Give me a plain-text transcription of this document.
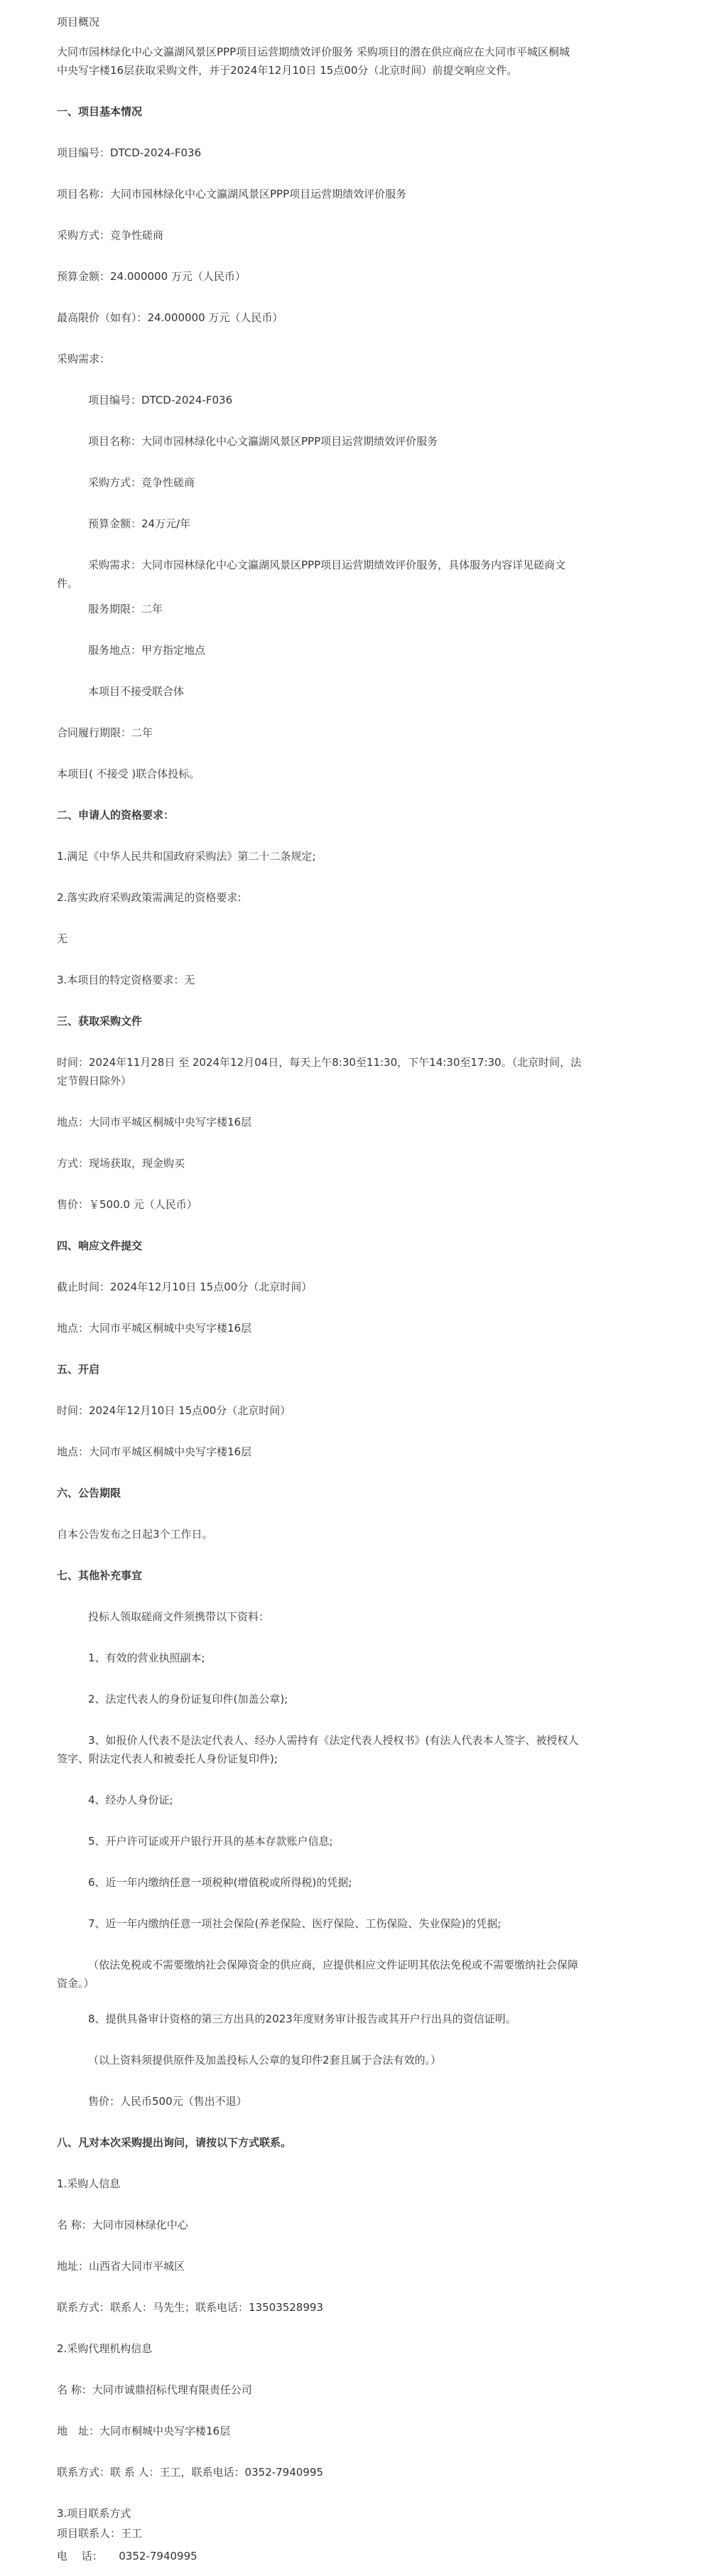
项目概况
大同市园林绿化中心文瀛湖风景区PPP项目运营期绩效评价服务 采购项目的潜在供应商应在大同市平城区桐城
中央写字楼16层获取采购文件，并于2024年12月10日 15点00分（北京时间）前提交响应文件。
一、项目基本情况
项目编号：DTCD-2024-F036
项目名称：大同市园林绿化中心文瀛湖风景区PPP项目运营期绩效评价服务
采购方式：竞争性磋商
预算金额：24.000000 万元（人民币）
最高限价（如有）：24.000000 万元（人民币）
采购需求：
项目编号：DTCD-2024-F036
项目名称：大同市园林绿化中心文瀛湖风景区PPP项目运营期绩效评价服务
采购方式：竞争性磋商
预算金额：24万元/年
采购需求：大同市园林绿化中心文瀛湖风景区PPP项目运营期绩效评价服务，具体服务内容详见磋商文
件。
服务期限：二年
服务地点：甲方指定地点
本项目不接受联合体
合同履行期限：二年
本项目( 不接受 )联合体投标。
二、申请人的资格要求：
1.满足《中华人民共和国政府采购法》第二十二条规定;
2.落实政府采购政策需满足的资格要求:
无
3.本项目的特定资格要求：无
三、获取采购文件
时间：2024年11月28日 至 2024年12月04日，每天上午8:30至11:30，下午14:30至17:30。（北京时间，法
定节假日除外）
地点：大同市平城区桐城中央写字楼16层
方式：现场获取，现金购买
售价：￥500.0 元（人民币）
四、响应文件提交
截止时间：2024年12月10日 15点00分（北京时间）
地点：大同市平城区桐城中央写字楼16层
五、开启
时间：2024年12月10日 15点00分（北京时间）
地点：大同市平城区桐城中央写字楼16层
六、公告期限
自本公告发布之日起3个工作日。
七、其他补充事宜
投标人领取磋商文件须携带以下资料：
1、有效的营业执照副本;
2、法定代表人的身份证复印件(加盖公章);
3、如报价人代表不是法定代表人、经办人需持有《法定代表人授权书》(有法人代表本人签字、被授权人
签字、附法定代表人和被委托人身份证复印件);
4、经办人身份证;
5、开户许可证或开户银行开具的基本存款账户信息;
6、近一年内缴纳任意一项税种(增值税或所得税)的凭据;
7、近一年内缴纳任意一项社会保险(养老保险、医疗保险、工伤保险、失业保险)的凭据;
（依法免税或不需要缴纳社会保障资金的供应商，应提供相应文件证明其依法免税或不需要缴纳社会保障
资金。）
8、提供具备审计资格的第三方出具的2023年度财务审计报告或其开户行出具的资信证明。
（以上资料须提供原件及加盖投标人公章的复印件2套且属于合法有效的。）
售价：人民币500元（售出不退）
八、凡对本次采购提出询问，请按以下方式联系。
1.采购人信息
名 称：大同市园林绿化中心
地址：山西省大同市平城区
联系方式：联系人：马先生；联系电话：13503528993
2.采购代理机构信息
名 称：大同市诚鼎招标代理有限责任公司
地　址：大同市桐城中央写字楼16层
联系方式：联 系 人：王工，联系电话：0352-7940995
3.项目联系方式
项目联系人：王工
电　 话：　　0352-7940995
